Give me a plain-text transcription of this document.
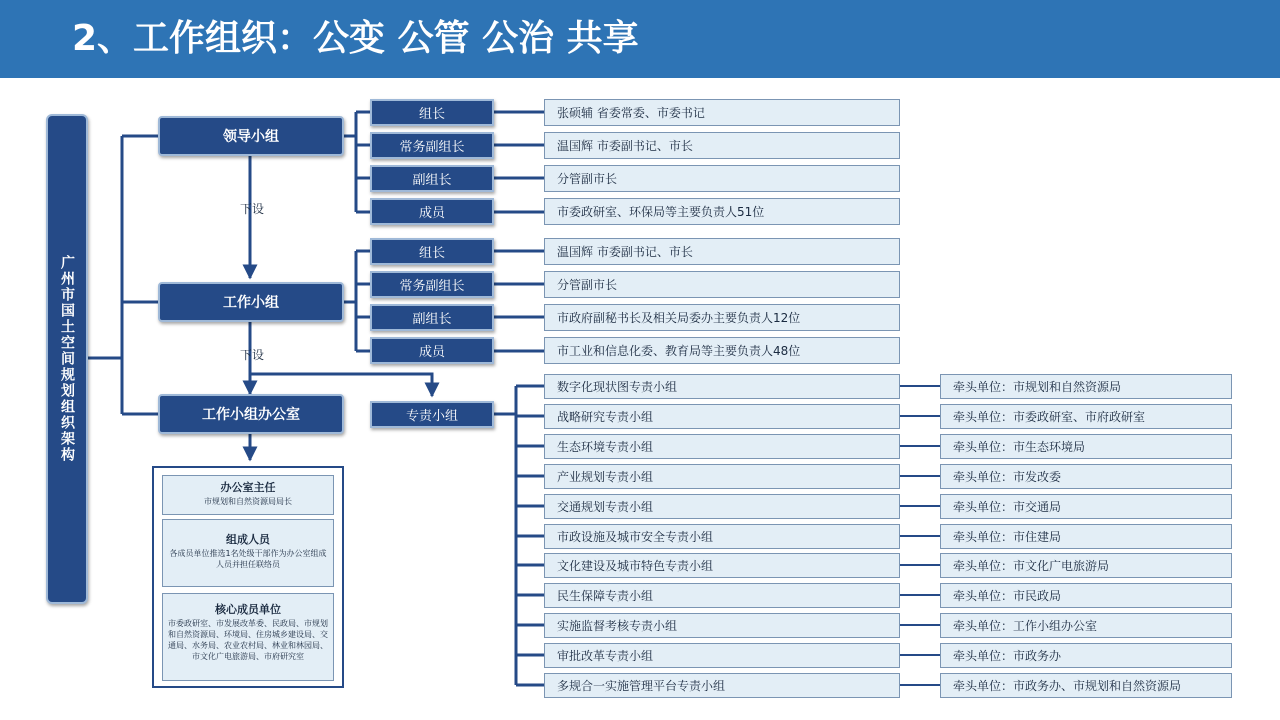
2、工作组织：公变 公管 公治 共享
广州市国土空间规划组织架构
领导小组
工作小组
工作小组办公室
下设
下设
组长
常务副组长
副组长
成员
张硕辅 省委常委、市委书记
温国辉 市委副书记、市长
分管副市长
市委政研室、环保局等主要负责人51位
组长
常务副组长
副组长
成员
温国辉 市委副书记、市长
分管副市长
市政府副秘书长及相关局委办主要负责人12位
市工业和信息化委、教育局等主要负责人48位
专责小组
数字化现状图专责小组
战略研究专责小组
生态环境专责小组
产业规划专责小组
交通规划专责小组
市政设施及城市安全专责小组
文化建设及城市特色专责小组
民生保障专责小组
实施监督考核专责小组
审批改革专责小组
多规合一实施管理平台专责小组
牵头单位：市规划和自然资源局
牵头单位：市委政研室、市府政研室
牵头单位：市生态环境局
牵头单位：市发改委
牵头单位：市交通局
牵头单位：市住建局
牵头单位：市文化广电旅游局
牵头单位：市民政局
牵头单位：工作小组办公室
牵头单位：市政务办
牵头单位：市政务办、市规划和自然资源局
办公室主任
市规划和自然资源局局长
组成人员
各成员单位推选1名处级干部作为办公室组成人员并担任联络员
核心成员单位
市委政研室、市发展改革委、民政局、市规划和自然资源局、环境局、住房城乡建设局、交通局、水务局、农业农村局、林业和林园局、市文化广电旅游局、市府研究室
